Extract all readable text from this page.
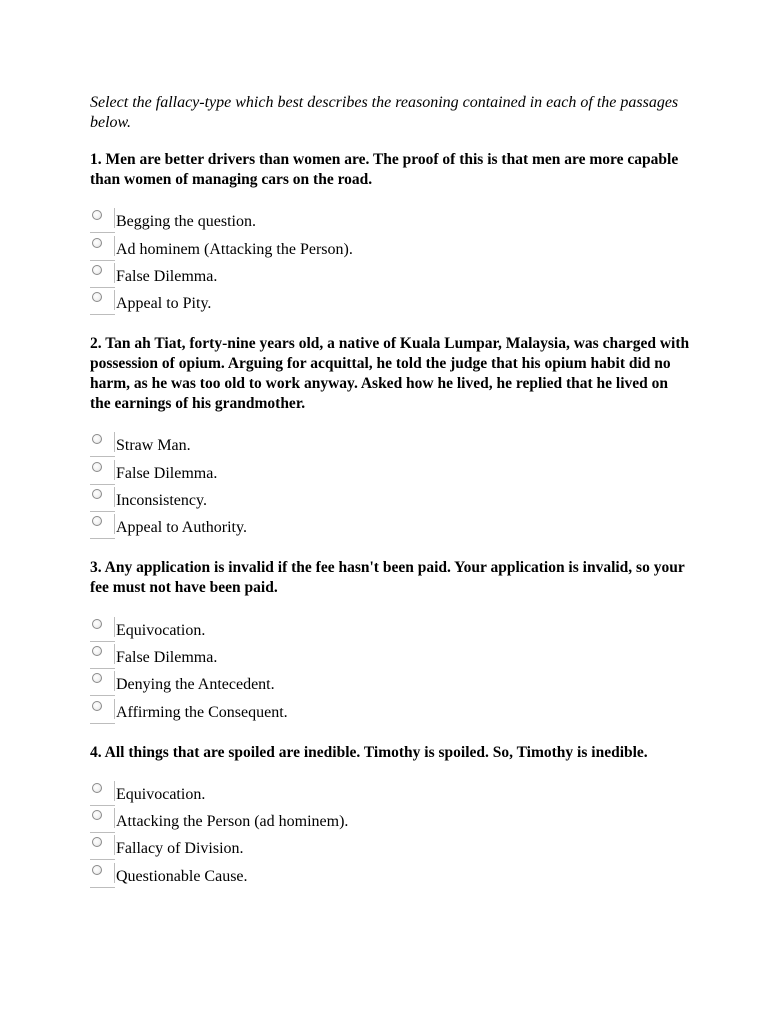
Select the fallacy-type which best describes the reasoning contained in each of the passages below.

1. Men are better drivers than women are. The proof of this is that men are more capable than women of managing cars on the road.

Begging the question.
Ad hominem (Attacking the Person).
False Dilemma.
Appeal to Pity.

2. Tan ah Tiat, forty-nine years old, a native of Kuala Lumpar, Malaysia, was charged with possession of opium. Arguing for acquittal, he told the judge that his opium habit did no harm, as he was too old to work anyway. Asked how he lived, he replied that he lived on the earnings of his grandmother.

Straw Man.
False Dilemma.
Inconsistency.
Appeal to Authority.

3. Any application is invalid if the fee hasn't been paid. Your application is invalid, so your fee must not have been paid.

Equivocation.
False Dilemma.
Denying the Antecedent.
Affirming the Consequent.

4. All things that are spoiled are inedible. Timothy is spoiled. So, Timothy is inedible.

Equivocation.
Attacking the Person (ad hominem).
Fallacy of Division.
Questionable Cause.
